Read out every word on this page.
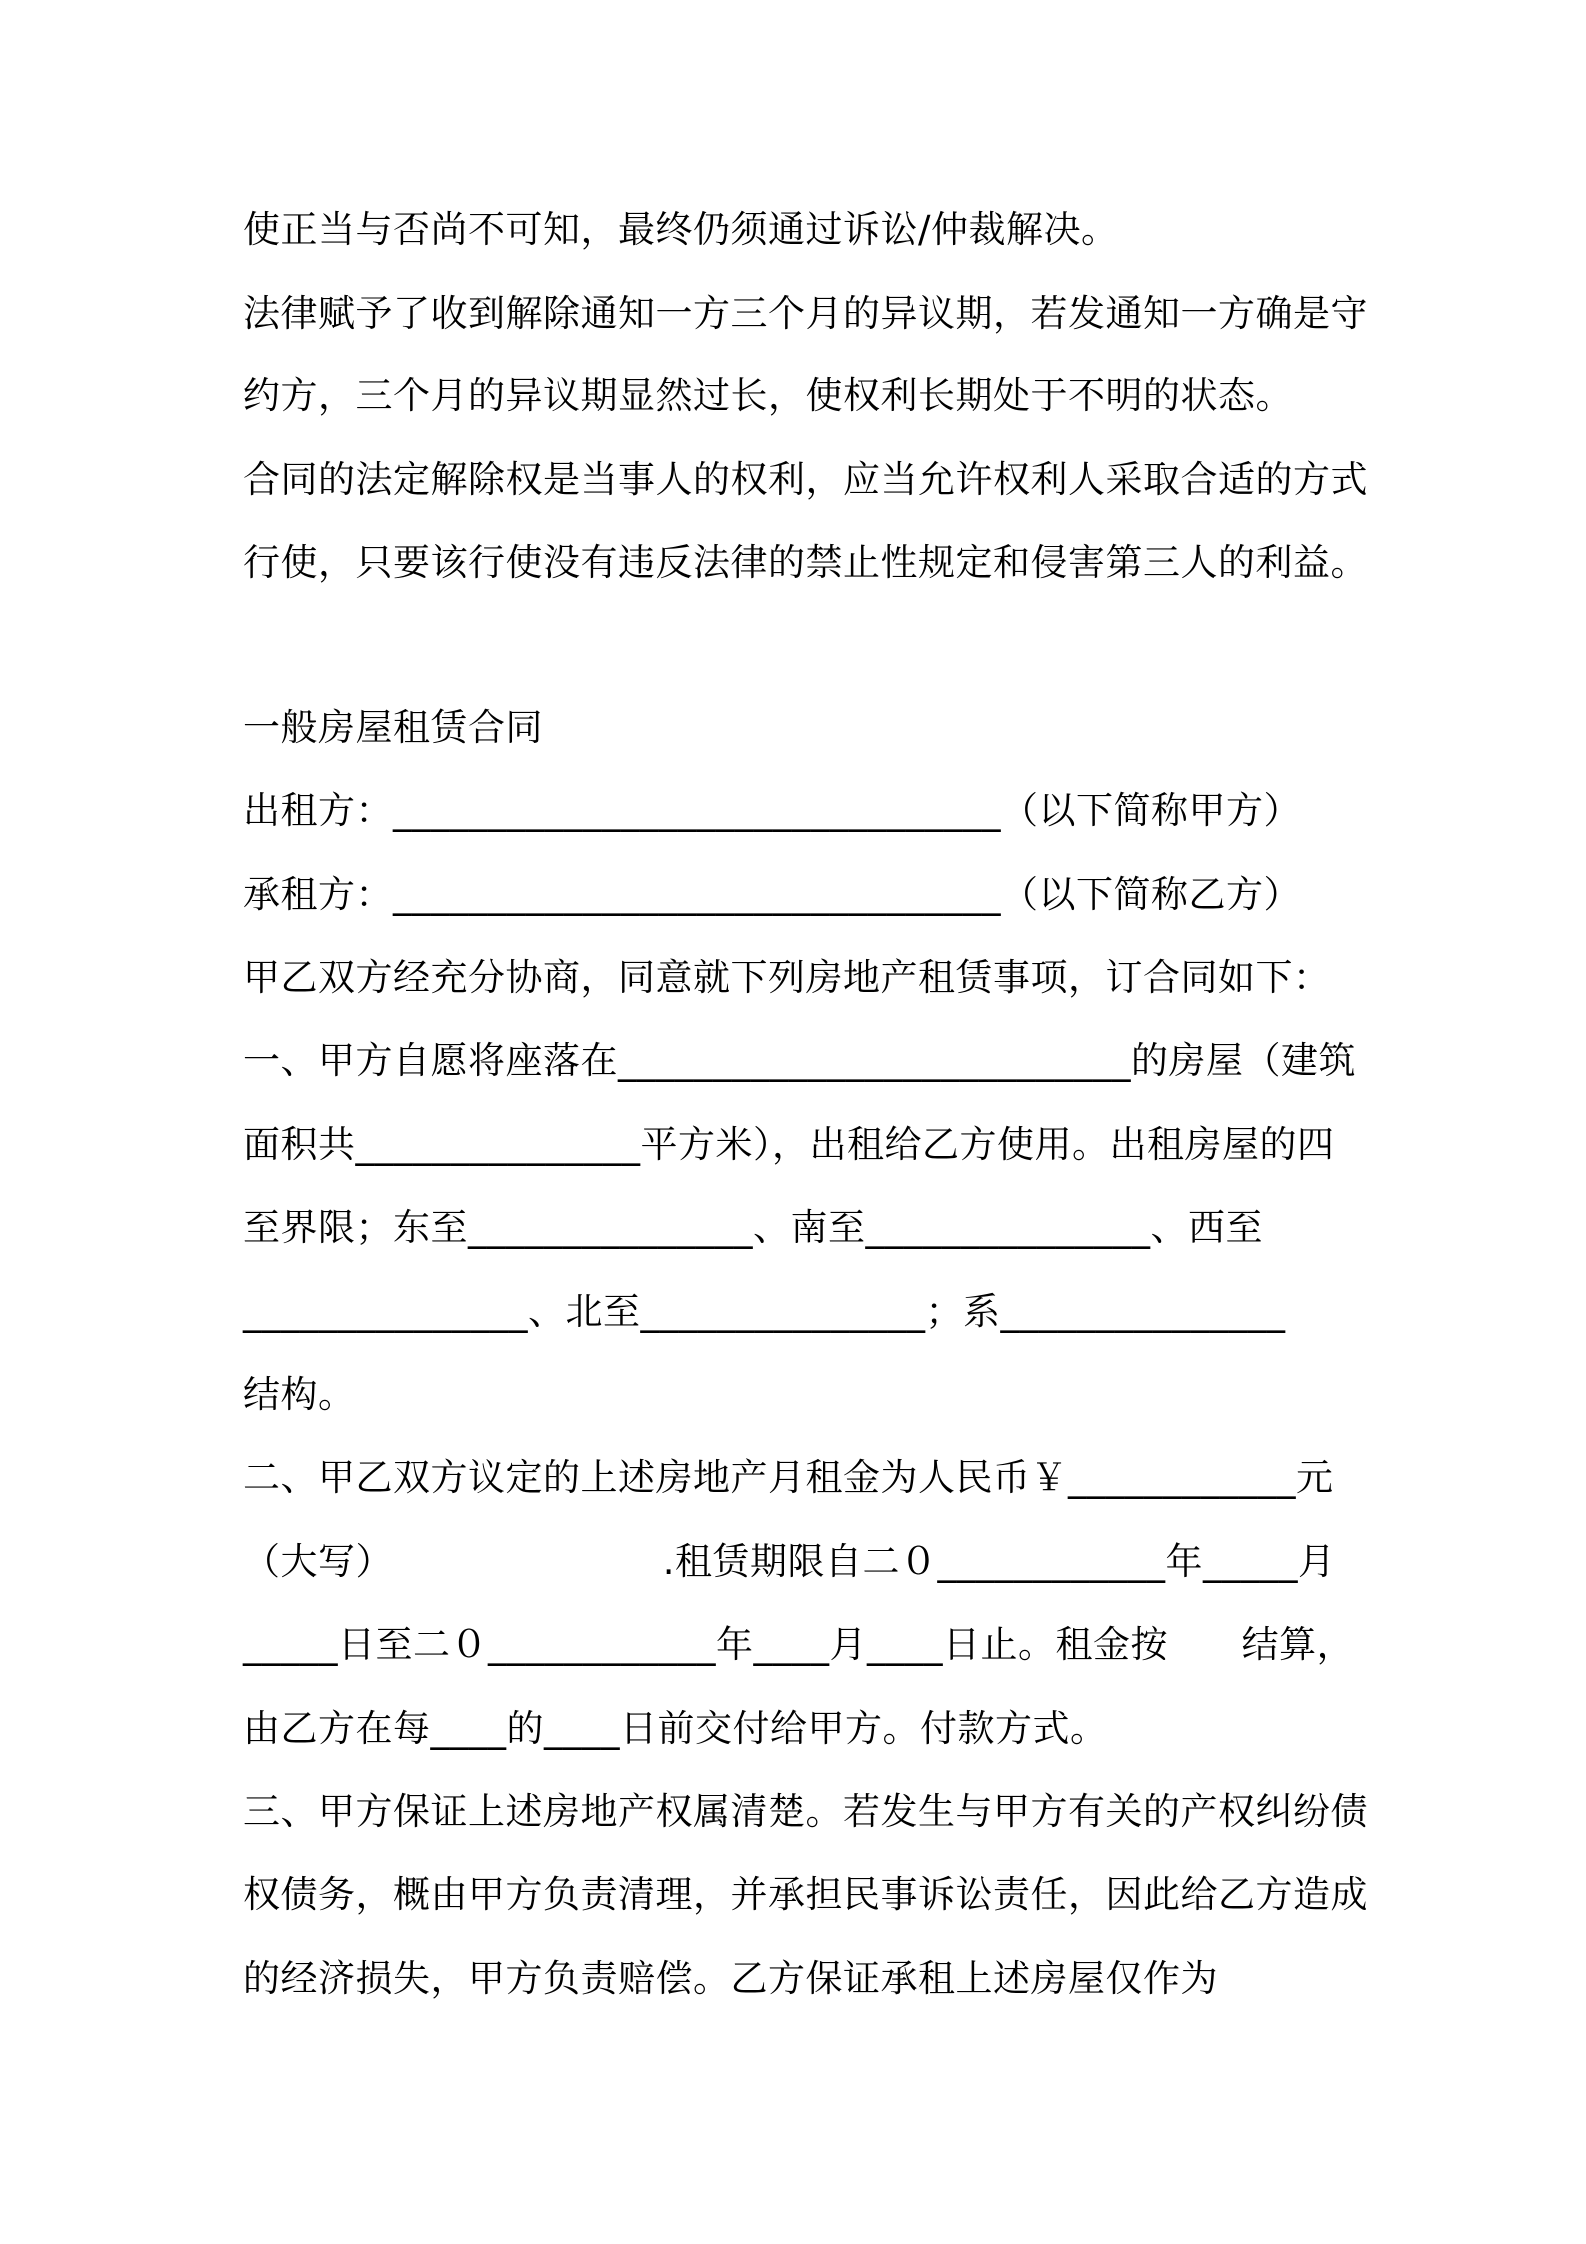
使正当与否尚不可知，最终仍须通过诉讼/仲裁解决。
法律赋予了收到解除通知一方三个月的异议期，若发通知一方确是守
约方，三个月的异议期显然过长，使权利长期处于不明的状态。
合同的法定解除权是当事人的权利，应当允许权利人采取合适的方式
行使，只要该行使没有违反法律的禁止性规定和侵害第三人的利益。
一般房屋租赁合同
出租方：________________________________（以下简称甲方）
承租方：________________________________（以下简称乙方）
甲乙双方经充分协商，同意就下列房地产租赁事项，订合同如下：
一、甲方自愿将座落在___________________________的房屋（建筑
面积共_______________平方米），出租给乙方使用。出租房屋的四
至界限；东至_______________、南至_______________、西至
_______________、北至_______________；系_______________
结构。
二、甲乙双方议定的上述房地产月租金为人民币￥____________元
（大写）                      .租赁期限自二０____________年_____月
_____日至二０____________年____月____日止。租金按      结算，
由乙方在每____的____日前交付给甲方。付款方式。
三、甲方保证上述房地产权属清楚。若发生与甲方有关的产权纠纷债
权债务，概由甲方负责清理，并承担民事诉讼责任，因此给乙方造成
的经济损失，甲方负责赔偿。乙方保证承租上述房屋仅作为
